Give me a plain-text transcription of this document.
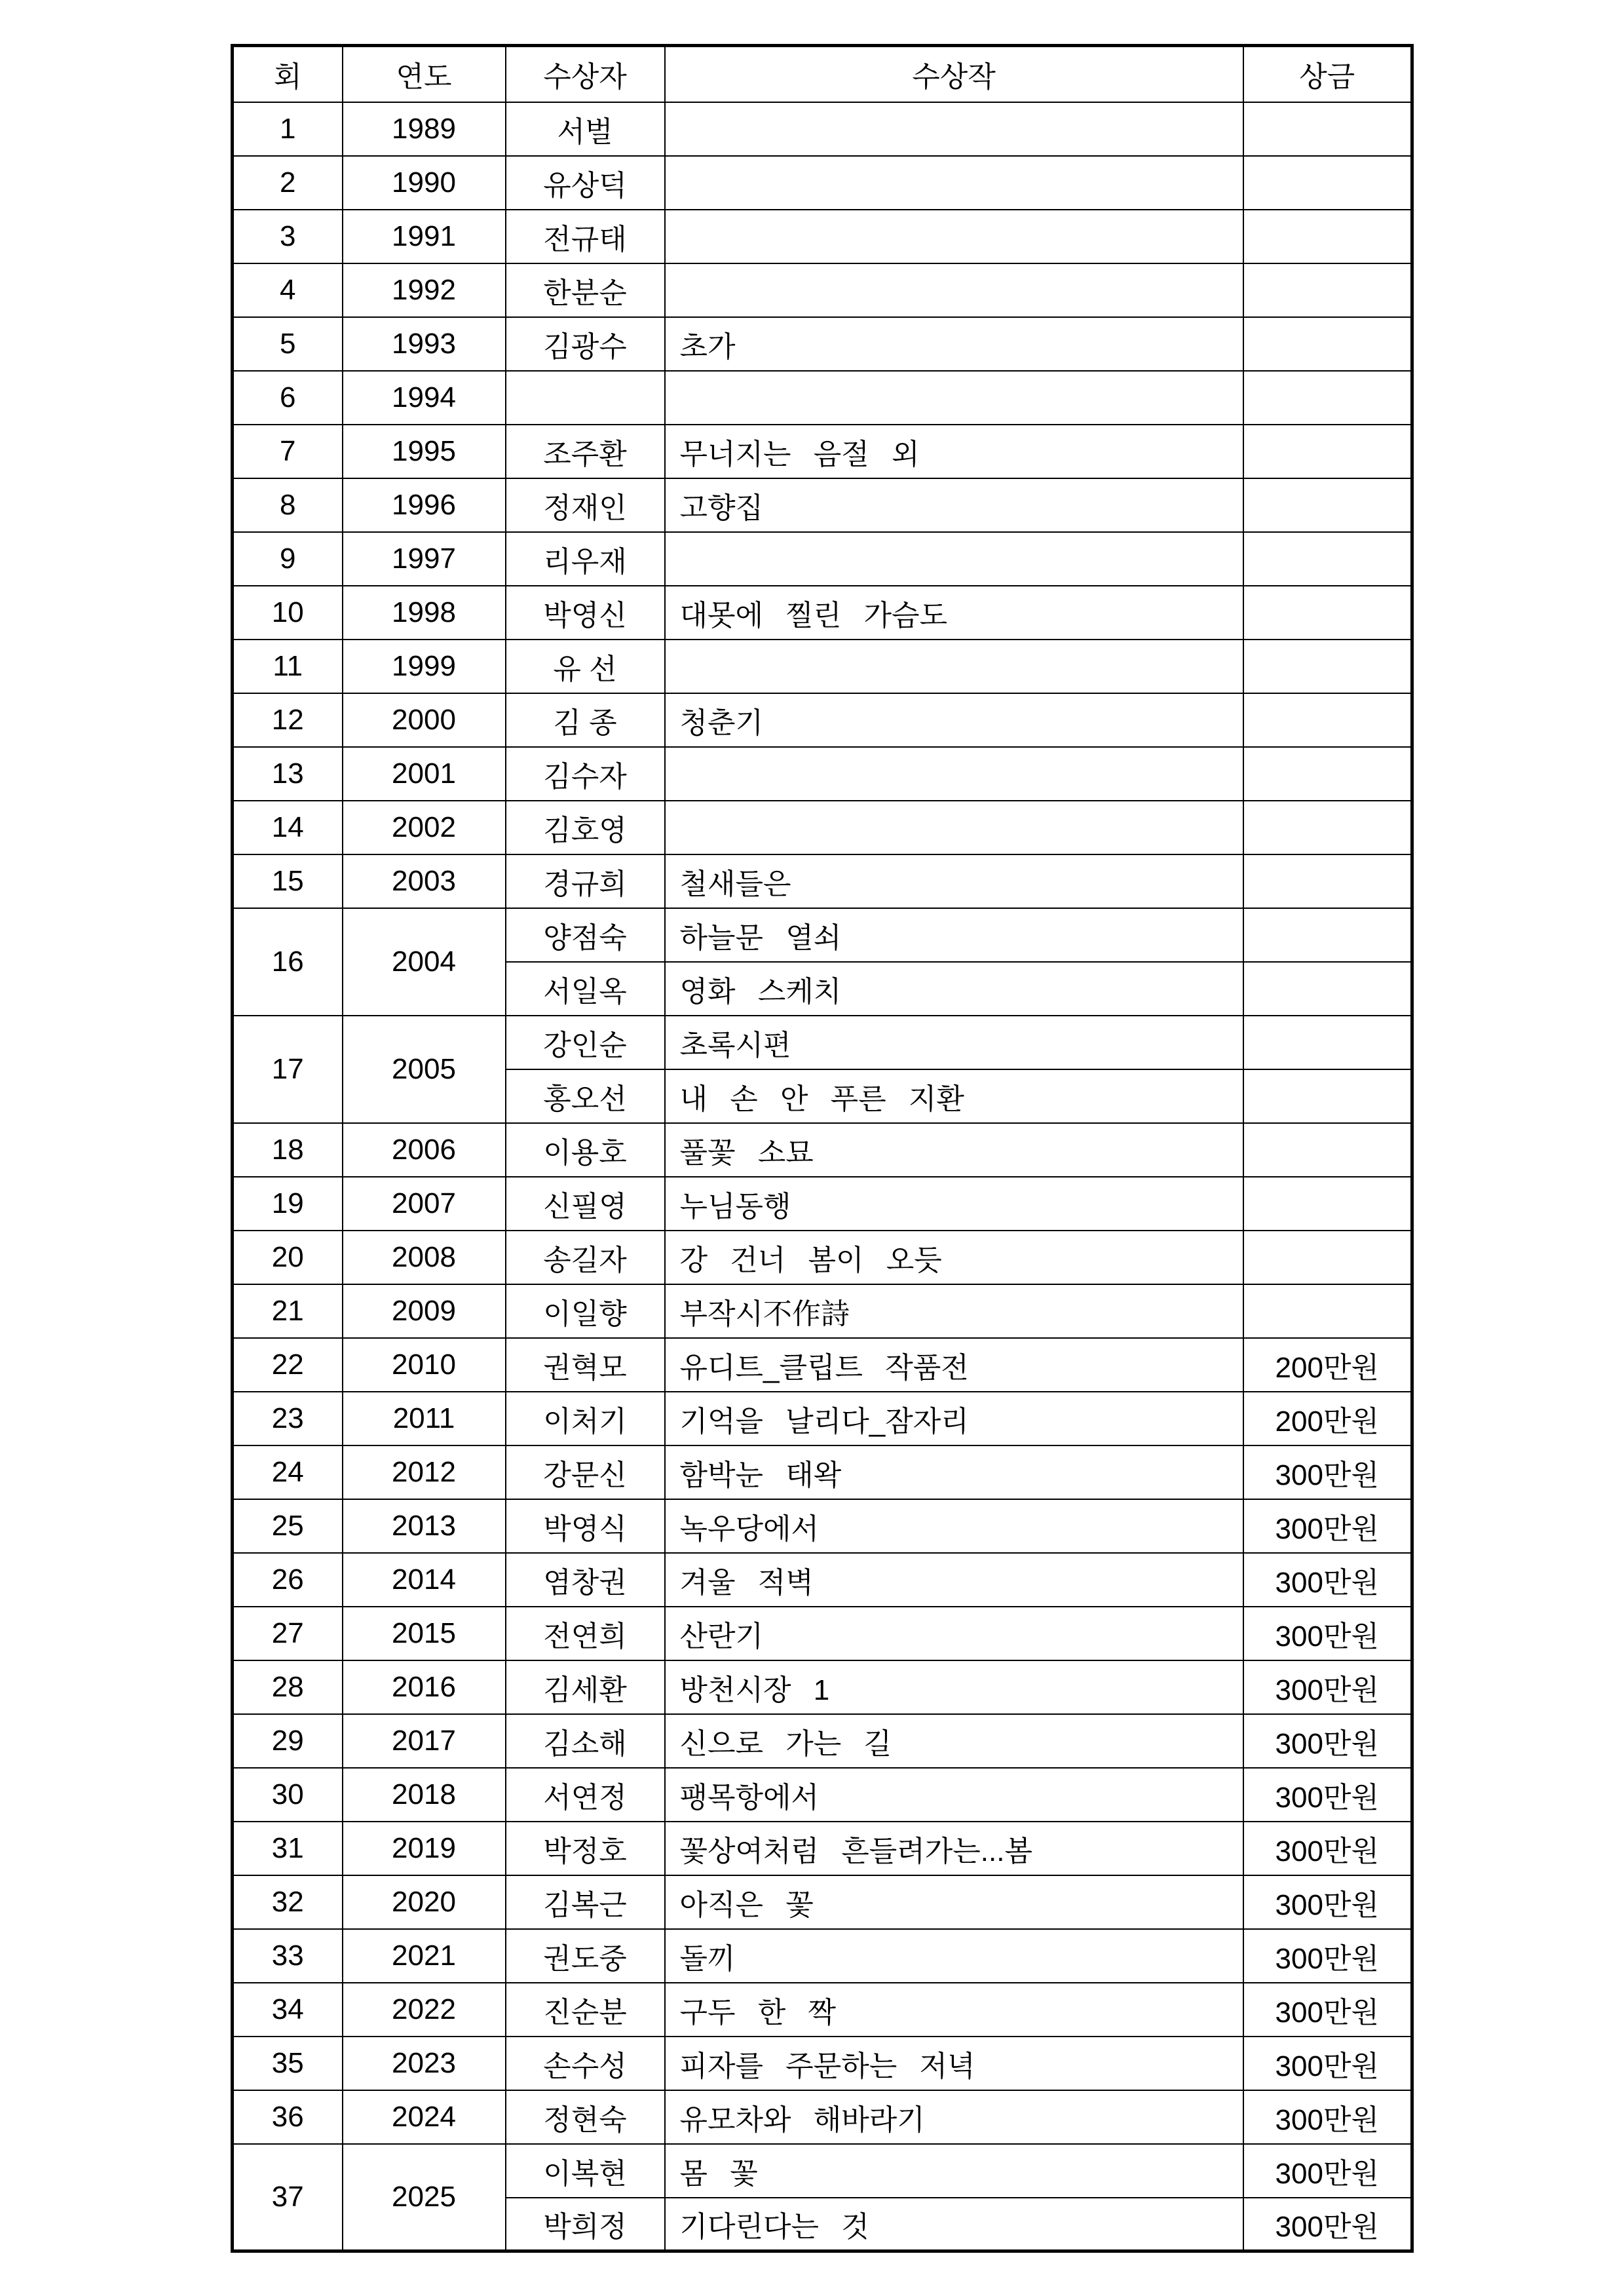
회	연도	수상자	수상작	상금
1	1989	서벌		
2	1990	유상덕		
3	1991	전규태		
4	1992	한분순		
5	1993	김광수	초가	
6	1994			
7	1995	조주환	무너지는 음절 외	
8	1996	정재인	고향집	
9	1997	리우재		
10	1998	박영신	대못에 찔린 가슴도	
11	1999	유 선		
12	2000	김 종	청춘기	
13	2001	김수자		
14	2002	김호영		
15	2003	경규희	철새들은	
16	2004	양점숙	하늘문 열쇠	
		서일옥	영화 스케치	
17	2005	강인순	초록시편	
		홍오선	내 손 안 푸른 지환	
18	2006	이용호	풀꽃 소묘	
19	2007	신필영	누님동행	
20	2008	송길자	강 건너 봄이 오듯	
21	2009	이일향	부작시不作詩	
22	2010	권혁모	유디트_클립트 작품전	200만원
23	2011	이처기	기억을 날리다_잠자리	200만원
24	2012	강문신	함박눈 태왁	300만원
25	2013	박영식	녹우당에서	300만원
26	2014	염창권	겨울 적벽	300만원
27	2015	전연희	산란기	300만원
28	2016	김세환	방천시장 1	300만원
29	2017	김소해	신으로 가는 길	300만원
30	2018	서연정	팽목항에서	300만원
31	2019	박정호	꽃상여처럼 흔들려가는...봄	300만원
32	2020	김복근	아직은 꽃	300만원
33	2021	권도중	돌끼	300만원
34	2022	진순분	구두 한 짝	300만원
35	2023	손수성	피자를 주문하는 저녁	300만원
36	2024	정현숙	유모차와 해바라기	300만원
37	2025	이복현	몸 꽃	300만원
		박희정	기다린다는 것	300만원
